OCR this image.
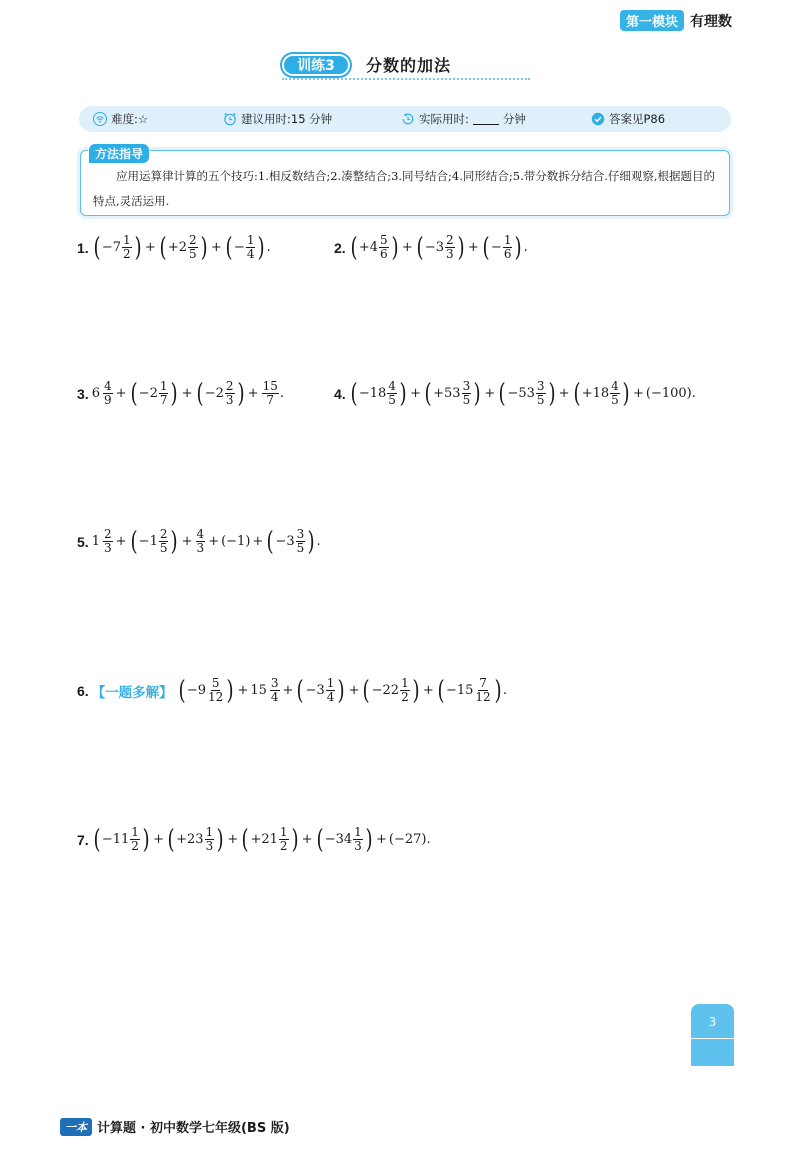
第一模块 有理数
训练3	分数的加法
难度:☆	建议用时:15 分钟	实际用时:	分钟	答案见P86
方法指导
应用运算律计算的五个技巧:1.相反数结合;2.凑整结合;3.同号结合;4.同形结合;5.带分数拆分结合.仔细观察,根据题目的特点,灵活运用.
1. ( $-7 \frac{1}{2}$ ) + ( $+2 \frac{2}{5}$ ) + ( − $\frac{1}{4}$ ) .	2. ( $+4 \frac{5}{6}$ ) + ( $-3 \frac{2}{3}$ ) + ( − $\frac{1}{6}$ ) .
3. $6 \frac{4}{9}$ + ( $-2 \frac{1}{7}$ ) + ( $-2 \frac{2}{3}$ ) + $\frac{15}{7}$ .	4. ( $-18 \frac{4}{5}$ ) + ( $+53 \frac{3}{5}$ ) + ( $-53 \frac{3}{5}$ ) + ( $+18 \frac{4}{5}$ ) + (−100).
5. $1 \frac{2}{3}$ + ( $-1 \frac{2}{5}$ ) + $\frac{4}{3} + (-1)$ + ( $-3 \frac{3}{5}$ ) .
6. 【一题多解】 ( $-9 \frac{5}{12}$ ) + $15 \frac{3}{4}$ + ( $-3 \frac{1}{4}$ ) + ( $-22 \frac{1}{2}$ ) + ( $-15 \frac{7}{12}$ ) .
7. ( $-11 \frac{1}{2}$ ) + ( $+23 \frac{1}{3}$ ) + ( $+21 \frac{1}{2}$ ) + ( $-34 \frac{1}{3}$ ) + (−27).
3
一本 计算题 · 初中数学七年级(BS 版)
